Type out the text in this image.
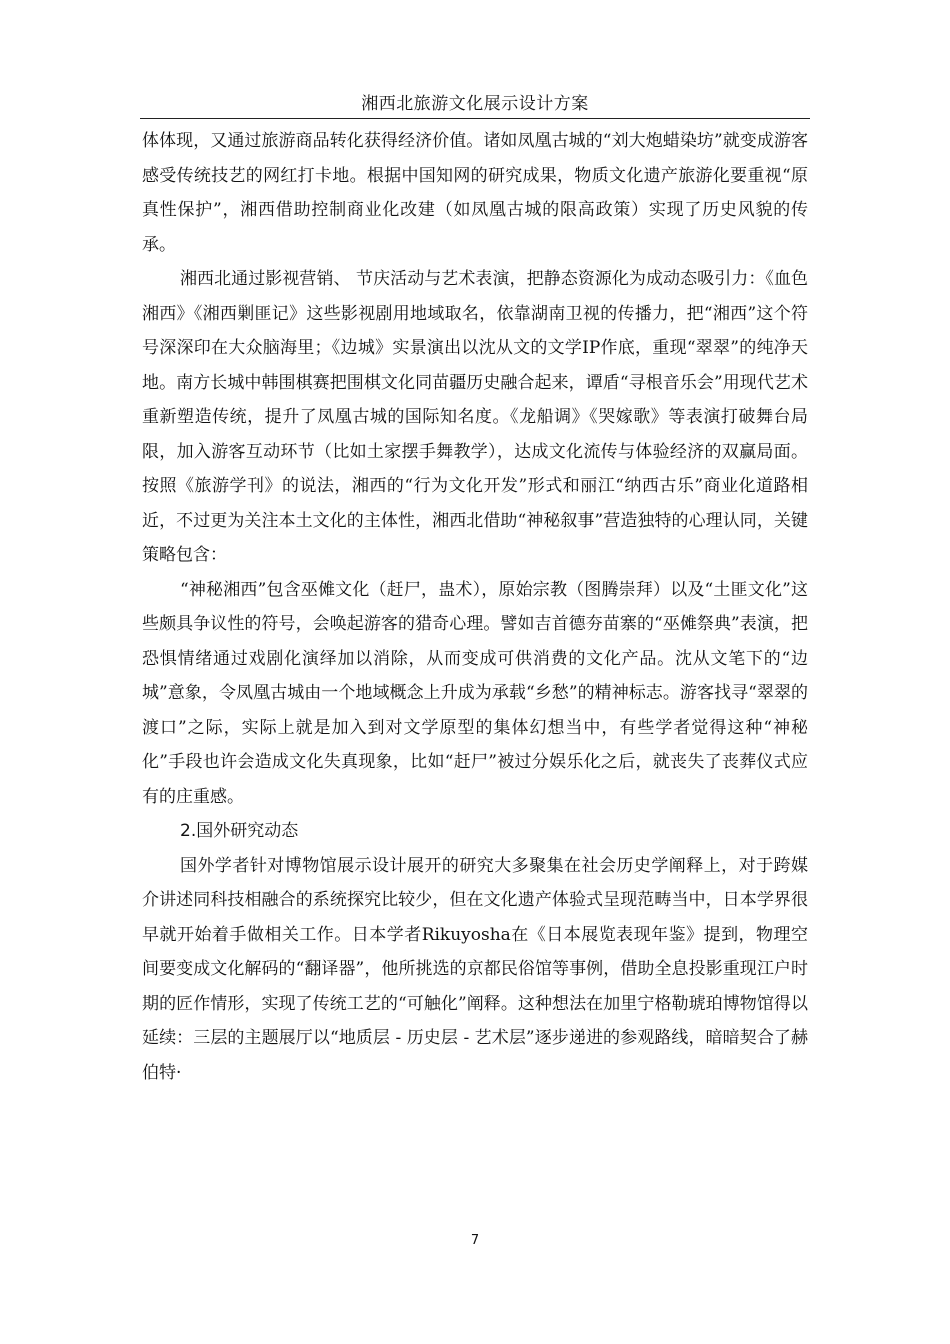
湘西北旅游文化展示设计方案

体体现，又通过旅游商品转化获得经济价值。诸如凤凰古城的“刘大炮蜡染坊”就变成游客感受传统技艺的网红打卡地。根据中国知网的研究成果，物质文化遗产旅游化要重视“原真性保护”，湘西借助控制商业化改建（如凤凰古城的限高政策）实现了历史风貌的传承。

湘西北通过影视营销、 节庆活动与艺术表演，把静态资源化为成动态吸引力：《血色湘西》《湘西剿匪记》这些影视剧用地域取名，依靠湖南卫视的传播力，把“湘西”这个符号深深印在大众脑海里；《边城》实景演出以沈从文的文学IP作底，重现“翠翠”的纯净天地。南方长城中韩围棋赛把围棋文化同苗疆历史融合起来，谭盾“寻根音乐会”用现代艺术重新塑造传统，提升了凤凰古城的国际知名度。《龙船调》《哭嫁歌》等表演打破舞台局限，加入游客互动环节（比如土家摆手舞教学），达成文化流传与体验经济的双赢局面。按照《旅游学刊》的说法，湘西的“行为文化开发”形式和丽江“纳西古乐”商业化道路相近，不过更为关注本土文化的主体性，湘西北借助“神秘叙事”营造独特的心理认同，关键策略包含：

“神秘湘西”包含巫傩文化（赶尸，蛊术），原始宗教（图腾崇拜）以及“土匪文化”这些颇具争议性的符号，会唤起游客的猎奇心理。譬如吉首德夯苗寨的“巫傩祭典”表演，把恐惧情绪通过戏剧化演绎加以消除，从而变成可供消费的文化产品。沈从文笔下的“边城”意象，令凤凰古城由一个地域概念上升成为承载“乡愁”的精神标志。游客找寻“翠翠的渡口”之际，实际上就是加入到对文学原型的集体幻想当中，有些学者觉得这种“神秘化”手段也许会造成文化失真现象，比如“赶尸”被过分娱乐化之后，就丧失了丧葬仪式应有的庄重感。

2.国外研究动态

国外学者针对博物馆展示设计展开的研究大多聚集在社会历史学阐释上，对于跨媒介讲述同科技相融合的系统探究比较少，但在文化遗产体验式呈现范畴当中，日本学界很早就开始着手做相关工作。日本学者Rikuyosha在《日本展览表现年鉴》提到，物理空间要变成文化解码的“翻译器”，他所挑选的京都民俗馆等事例，借助全息投影重现江户时期的匠作情形，实现了传统工艺的“可触化”阐释。这种想法在加里宁格勒琥珀博物馆得以延续：三层的主题展厅以“地质层 - 历史层 - 艺术层”逐步递进的参观路线，暗暗契合了赫伯特·

7
